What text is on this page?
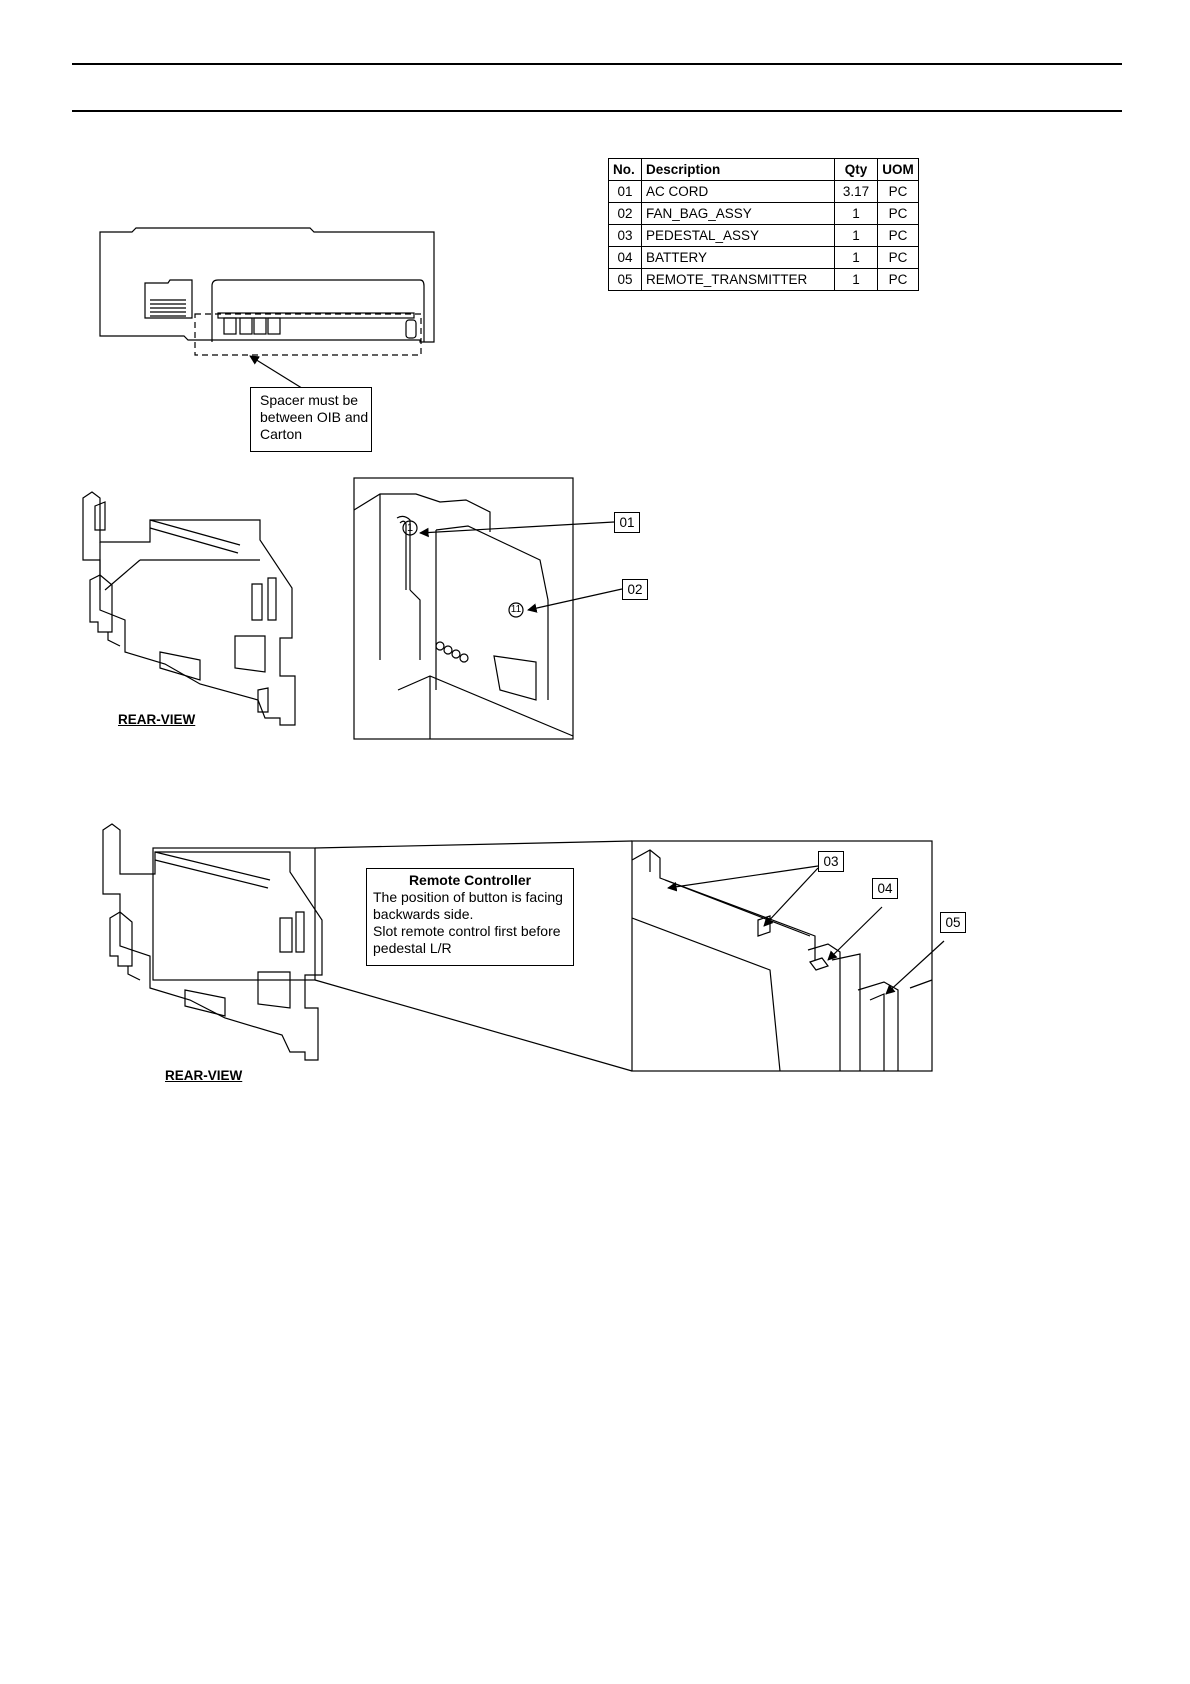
No.	Description	Qty	UOM
01	AC CORD	3.17	PC
02	FAN_BAG_ASSY	1	PC
03	PEDESTAL_ASSY	1	PC
04	BATTERY	1	PC
05	REMOTE_TRANSMITTER	1	PC
1
11
Spacer must be
between OIB and
Carton
REAR-VIEW
REAR-VIEW
01
02
03
04
05
Remote Controller
The position of button is facing
backwards side.
Slot remote control first before
pedestal L/R
